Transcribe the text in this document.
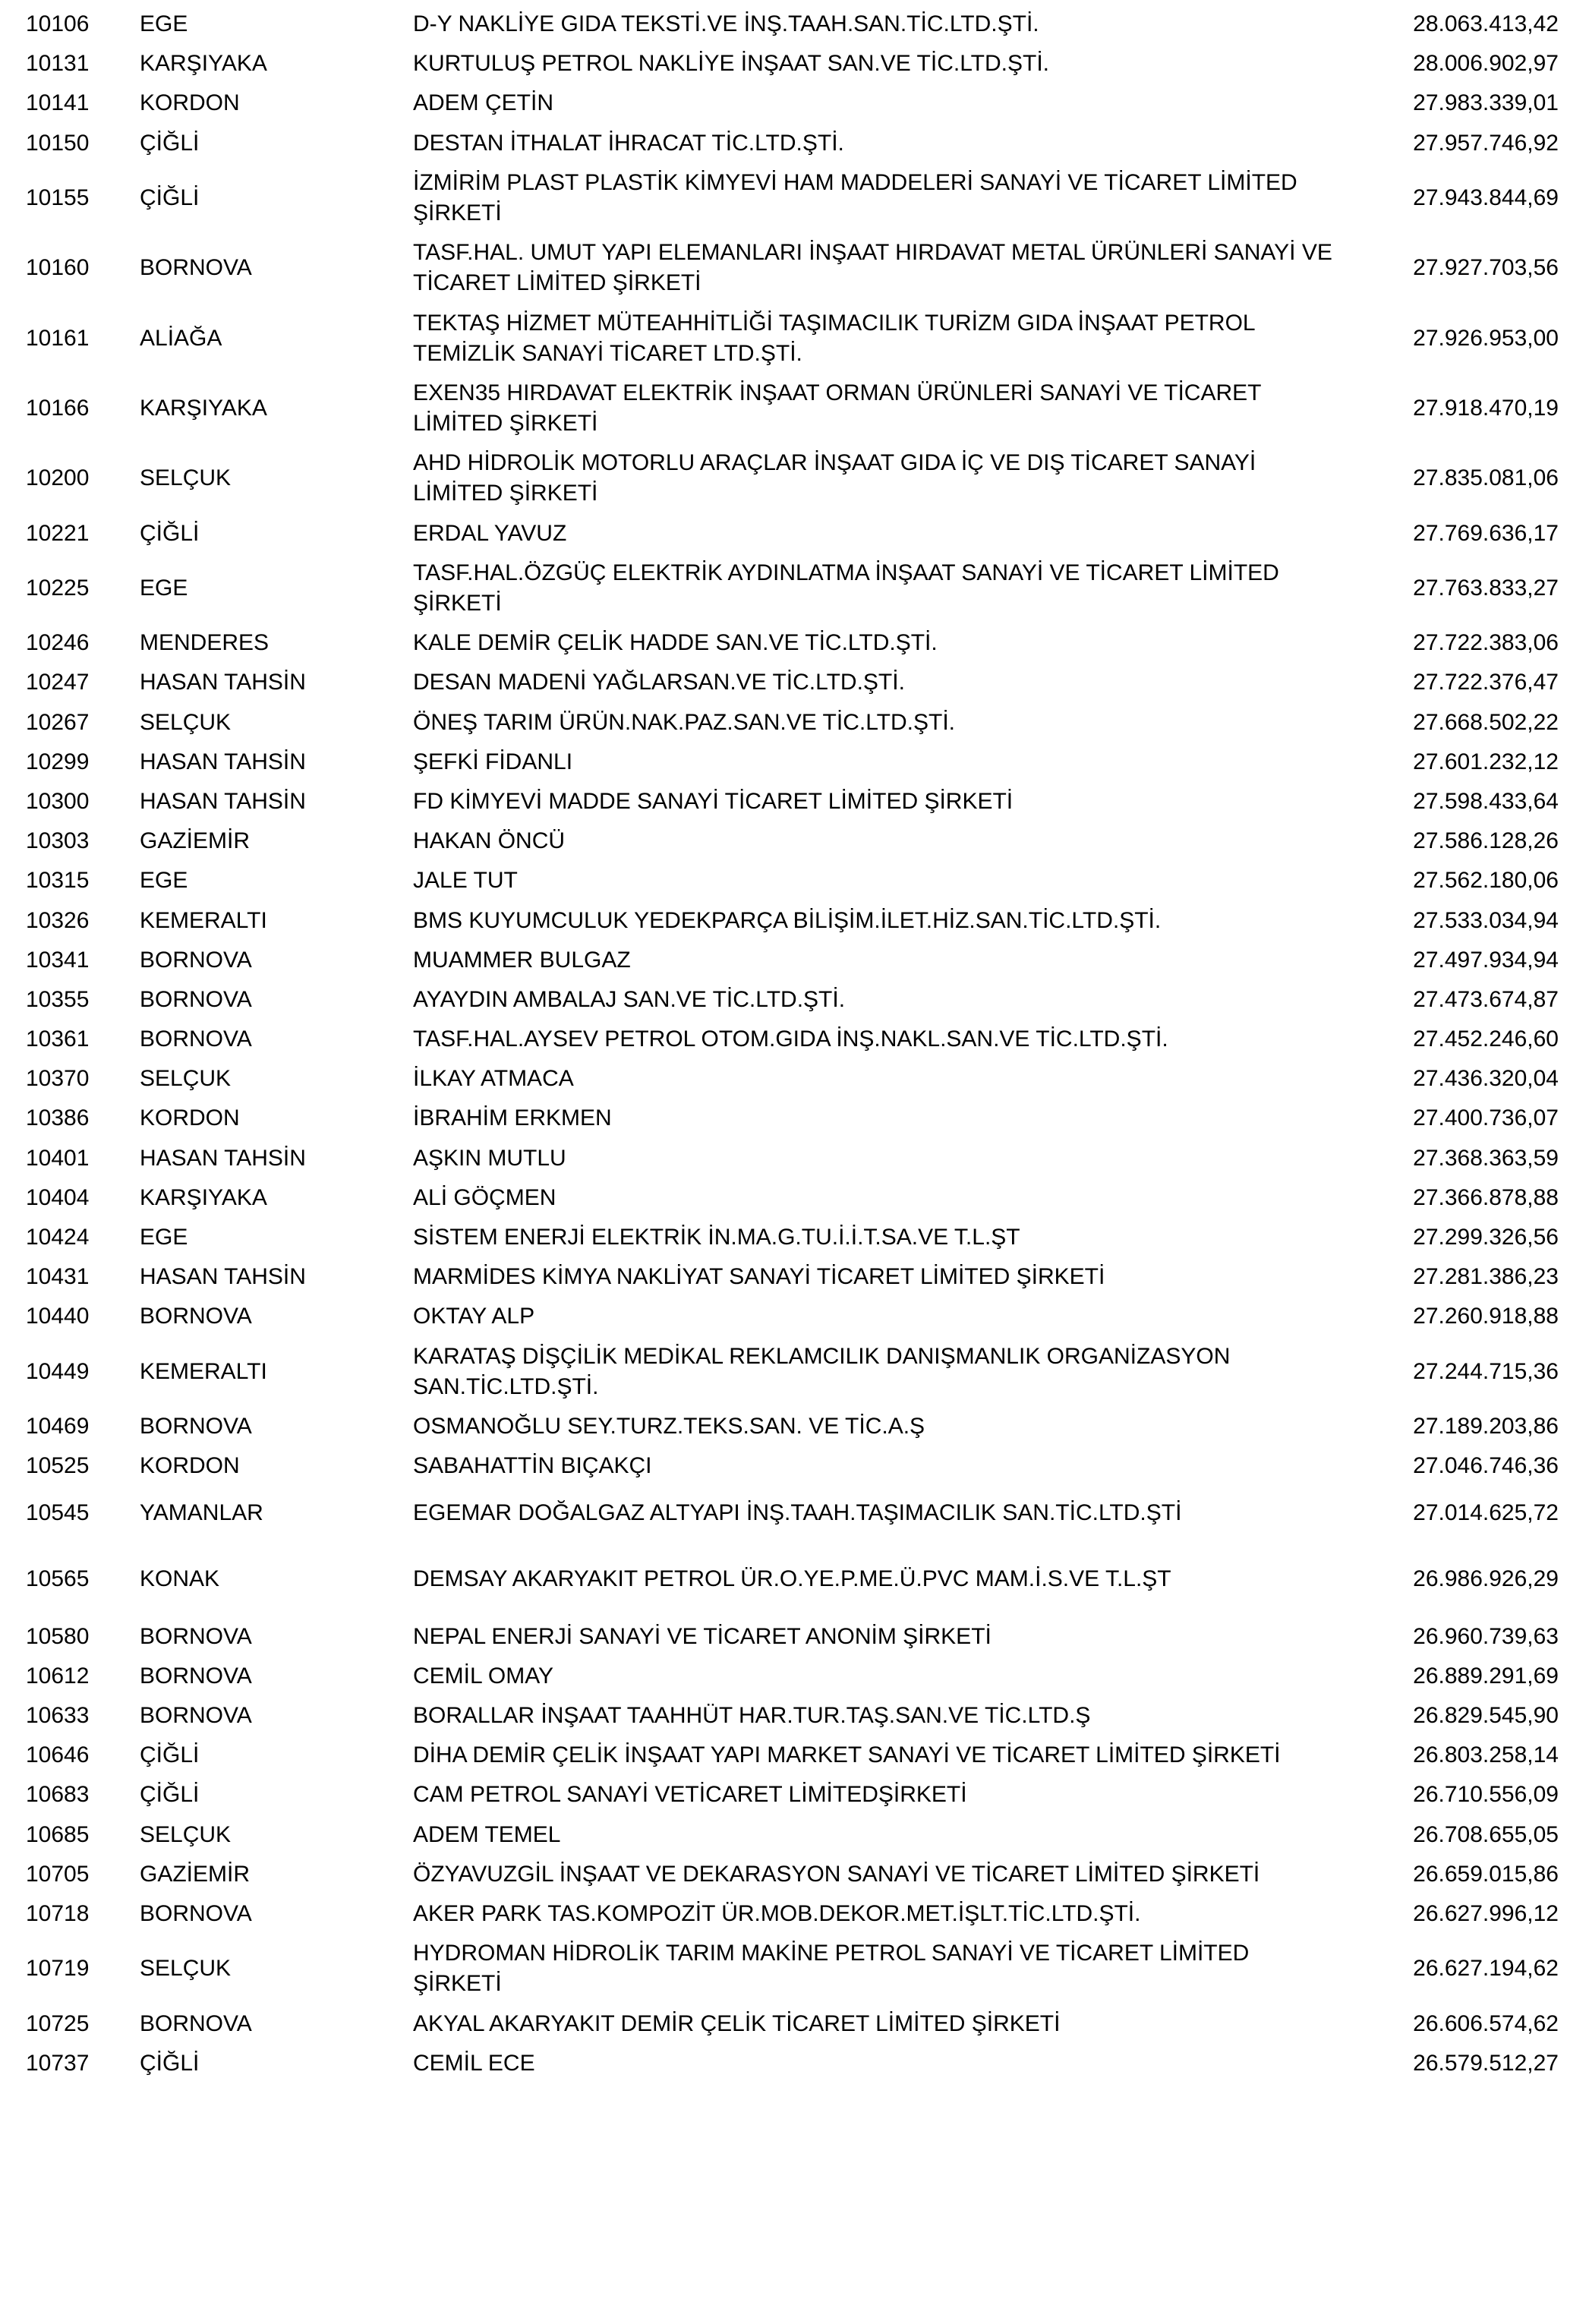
10106	EGE	D-Y NAKLİYE GIDA TEKSTİ.VE İNŞ.TAAH.SAN.TİC.LTD.ŞTİ.	28.063.413,42
10131	KARŞIYAKA	KURTULUŞ PETROL NAKLİYE İNŞAAT SAN.VE TİC.LTD.ŞTİ.	28.006.902,97
10141	KORDON	ADEM ÇETİN	27.983.339,01
10150	ÇİĞLİ	DESTAN İTHALAT İHRACAT TİC.LTD.ŞTİ.	27.957.746,92
10155	ÇİĞLİ	İZMİRİM PLAST PLASTİK KİMYEVİ HAM MADDELERİ SANAYİ VE TİCARET LİMİTED ŞİRKETİ	27.943.844,69
10160	BORNOVA	TASF.HAL. UMUT YAPI ELEMANLARI İNŞAAT HIRDAVAT METAL ÜRÜNLERİ SANAYİ VE TİCARET LİMİTED ŞİRKETİ	27.927.703,56
10161	ALİAĞA	TEKTAŞ HİZMET MÜTEAHHİTLİĞİ TAŞIMACILIK TURİZM GIDA İNŞAAT PETROL TEMİZLİK SANAYİ TİCARET LTD.ŞTİ.	27.926.953,00
10166	KARŞIYAKA	EXEN35 HIRDAVAT ELEKTRİK İNŞAAT ORMAN ÜRÜNLERİ SANAYİ VE TİCARET LİMİTED ŞİRKETİ	27.918.470,19
10200	SELÇUK	AHD HİDROLİK MOTORLU ARAÇLAR İNŞAAT GIDA İÇ VE DIŞ TİCARET SANAYİ LİMİTED ŞİRKETİ	27.835.081,06
10221	ÇİĞLİ	ERDAL YAVUZ	27.769.636,17
10225	EGE	TASF.HAL.ÖZGÜÇ ELEKTRİK AYDINLATMA İNŞAAT SANAYİ VE TİCARET LİMİTED ŞİRKETİ	27.763.833,27
10246	MENDERES	KALE DEMİR ÇELİK HADDE SAN.VE TİC.LTD.ŞTİ.	27.722.383,06
10247	HASAN TAHSİN	DESAN MADENİ YAĞLARSAN.VE TİC.LTD.ŞTİ.	27.722.376,47
10267	SELÇUK	ÖNEŞ TARIM ÜRÜN.NAK.PAZ.SAN.VE TİC.LTD.ŞTİ.	27.668.502,22
10299	HASAN TAHSİN	ŞEFKİ FİDANLI	27.601.232,12
10300	HASAN TAHSİN	FD KİMYEVİ MADDE SANAYİ TİCARET LİMİTED ŞİRKETİ	27.598.433,64
10303	GAZİEMİR	HAKAN ÖNCÜ	27.586.128,26
10315	EGE	JALE TUT	27.562.180,06
10326	KEMERALTI	BMS KUYUMCULUK YEDEKPARÇA BİLİŞİM.İLET.HİZ.SAN.TİC.LTD.ŞTİ.	27.533.034,94
10341	BORNOVA	MUAMMER BULGAZ	27.497.934,94
10355	BORNOVA	AYAYDIN AMBALAJ SAN.VE TİC.LTD.ŞTİ.	27.473.674,87
10361	BORNOVA	TASF.HAL.AYSEV PETROL OTOM.GIDA İNŞ.NAKL.SAN.VE TİC.LTD.ŞTİ.	27.452.246,60
10370	SELÇUK	İLKAY ATMACA	27.436.320,04
10386	KORDON	İBRAHİM ERKMEN	27.400.736,07
10401	HASAN TAHSİN	AŞKIN MUTLU	27.368.363,59
10404	KARŞIYAKA	ALİ GÖÇMEN	27.366.878,88
10424	EGE	SİSTEM ENERJİ ELEKTRİK İN.MA.G.TU.İ.İ.T.SA.VE T.L.ŞT	27.299.326,56
10431	HASAN TAHSİN	MARMİDES KİMYA NAKLİYAT SANAYİ TİCARET LİMİTED ŞİRKETİ	27.281.386,23
10440	BORNOVA	OKTAY ALP	27.260.918,88
10449	KEMERALTI	KARATAŞ DİŞÇİLİK MEDİKAL REKLAMCILIK DANIŞMANLIK ORGANİZASYON SAN.TİC.LTD.ŞTİ.	27.244.715,36
10469	BORNOVA	OSMANOĞLU SEY.TURZ.TEKS.SAN. VE TİC.A.Ş	27.189.203,86
10525	KORDON	SABAHATTİN BIÇAKÇI	27.046.746,36
10545	YAMANLAR	EGEMAR DOĞALGAZ ALTYAPI İNŞ.TAAH.TAŞIMACILIK SAN.TİC.LTD.ŞTİ	27.014.625,72
10565	KONAK	DEMSAY AKARYAKIT PETROL ÜR.O.YE.P.ME.Ü.PVC MAM.İ.S.VE T.L.ŞT	26.986.926,29
10580	BORNOVA	NEPAL ENERJİ SANAYİ VE TİCARET ANONİM ŞİRKETİ	26.960.739,63
10612	BORNOVA	CEMİL OMAY	26.889.291,69
10633	BORNOVA	BORALLAR İNŞAAT TAAHHÜT HAR.TUR.TAŞ.SAN.VE TİC.LTD.Ş	26.829.545,90
10646	ÇİĞLİ	DİHA DEMİR ÇELİK İNŞAAT YAPI MARKET SANAYİ VE TİCARET LİMİTED ŞİRKETİ	26.803.258,14
10683	ÇİĞLİ	CAM PETROL SANAYİ VETİCARET LİMİTEDŞİRKETİ	26.710.556,09
10685	SELÇUK	ADEM TEMEL	26.708.655,05
10705	GAZİEMİR	ÖZYAVUZGİL İNŞAAT VE DEKARASYON SANAYİ VE TİCARET LİMİTED ŞİRKETİ	26.659.015,86
10718	BORNOVA	AKER PARK TAS.KOMPOZİT ÜR.MOB.DEKOR.MET.İŞLT.TİC.LTD.ŞTİ.	26.627.996,12
10719	SELÇUK	HYDROMAN HİDROLİK TARIM MAKİNE PETROL SANAYİ VE TİCARET LİMİTED ŞİRKETİ	26.627.194,62
10725	BORNOVA	AKYAL AKARYAKIT DEMİR ÇELİK TİCARET LİMİTED ŞİRKETİ	26.606.574,62
10737	ÇİĞLİ	CEMİL ECE	26.579.512,27
